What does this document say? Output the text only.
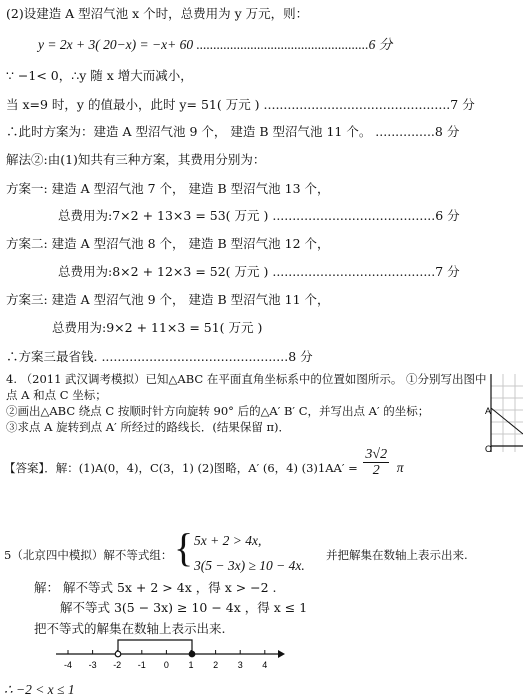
(2)设建造 A 型沼气池 x 个时，总费用为 y 万元，则：
y = 2x + 3( 20−x) = −x+ 60 ...................................................6 分
∵ −1< 0，∴y 随 x 增大而减小，
当 x=9 时，y 的值最小，此时 y= 51( 万元 ) ...............................................7 分
∴此时方案为：建造 A 型沼气池 9 个， 建造 B 型沼气池 11 个。 ...............8 分
解法②:由(1)知共有三种方案，其费用分别为：
方案一: 建造 A 型沼气池 7 个， 建造 B 型沼气池 13 个，
总费用为:7×2 + 13×3 = 53( 万元 ) .........................................6 分
方案二: 建造 A 型沼气池 8 个， 建造 B 型沼气池 12 个，
总费用为:8×2 + 12×3 = 52( 万元 ) .........................................7 分
方案三: 建造 A 型沼气池 9 个， 建造 B 型沼气池 11 个，
总费用为:9×2 + 11×3 = 51( 万元 )
∴方案三最省钱. ...............................................8 分
4. （2011 武汉调考模拟）已知△ABC 在平面直角坐标系中的位置如图所示。 ①分别写出图中
点 A 和点 C 坐标；
②画出△ABC 绕点 C 按顺时针方向旋转 90° 后的△A′ B′ C，并写出点 A′ 的坐标；
③求点 A 旋转到点 A′ 所经过的路线长．(结果保留 π)．
A
O
【答案】．解：(1)A(0，4)，C(3，1) (2)图略，A′ (6，4) $(3)1AA' = \frac{3√2}{2}$ π
5（北京四中模拟）解不等式组： { 5x + 2 > 4x,
3(5 − 3x) ≥ 10 − 4x.
并把解集在数轴上表示出来.
解： 解不等式 5x + 2 > 4x ，得 x > −2 .
解不等式 3(5 − 3x) ≥ 10 − 4x ，得 x ≤ 1
把不等式的解集在数轴上表示出来.
-4 -3 -2 -1 0 1 2 3 4
∴ −2 < x ≤ 1
